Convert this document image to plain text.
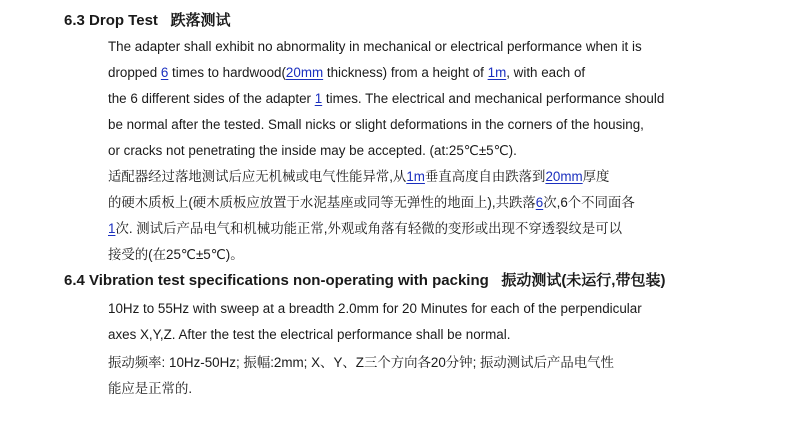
6.3 Drop Test 跌落测试
The adapter shall exhibit no abnormality in mechanical or electrical performance when it is
dropped 6 times to hardwood(20mm thickness) from a height of 1m, with each of
the 6 different sides of the adapter 1 times. The electrical and mechanical performance should
be normal after the tested. Small nicks or slight deformations in the corners of the housing,
or cracks not penetrating the inside may be accepted. (at:25℃±5℃).
适配器经过落地测试后应无机械或电气性能异常,从1m垂直高度自由跌落到20mm厚度
的硬木质板上(硬木质板应放置于水泥基座或同等无弹性的地面上),共跌落6次,6个不同面各
1次. 测试后产品电气和机械功能正常,外观或角落有轻微的变形或出现不穿透裂纹是可以
接受的(在25℃±5℃)。
6.4 Vibration test specifications non-operating with packing 振动测试(未运行,带包装)
10Hz to 55Hz with sweep at a breadth 2.0mm for 20 Minutes for each of the perpendicular
axes X,Y,Z. After the test the electrical performance shall be normal.
振动频率: 10Hz-50Hz; 振幅:2mm; X、Y、Z三个方向各20分钟; 振动测试后产品电气性
能应是正常的.
